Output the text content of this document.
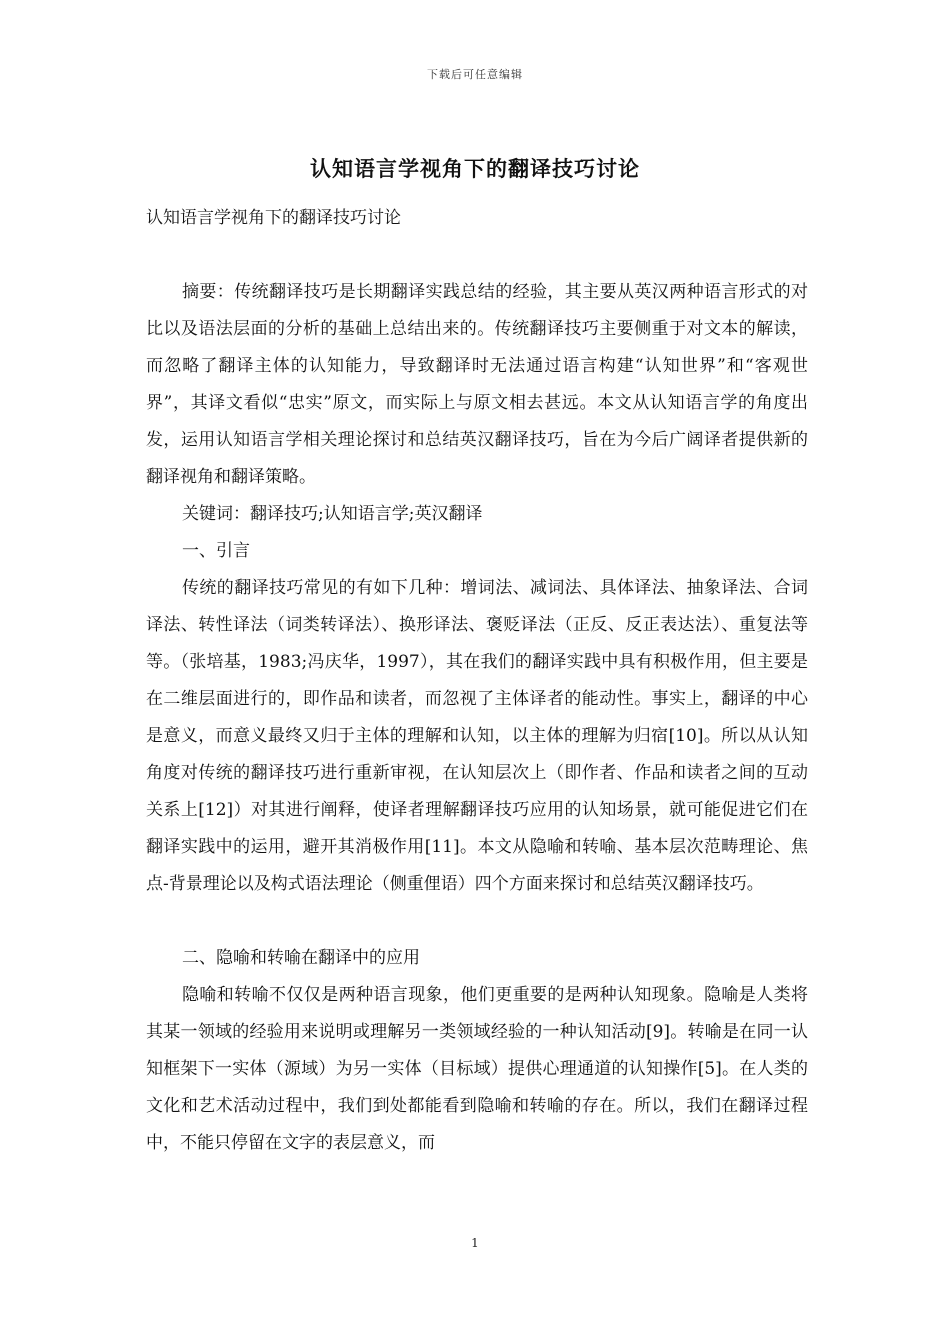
下载后可任意编辑
认知语言学视角下的翻译技巧讨论

认知语言学视角下的翻译技巧讨论

摘要：传统翻译技巧是长期翻译实践总结的经验，其主要从英汉两种语言形式的对比以及语法层面的分析的基础上总结出来的。传统翻译技巧主要侧重于对文本的解读，而忽略了翻译主体的认知能力，导致翻译时无法通过语言构建“认知世界”和“客观世界”，其译文看似“忠实”原文，而实际上与原文相去甚远。本文从认知语言学的角度出发，运用认知语言学相关理论探讨和总结英汉翻译技巧，旨在为今后广阔译者提供新的翻译视角和翻译策略。

关键词：翻译技巧;认知语言学;英汉翻译

一、引言

传统的翻译技巧常见的有如下几种：增词法、减词法、具体译法、抽象译法、合词译法、转性译法（词类转译法）、换形译法、褒贬译法（正反、反正表达法）、重复法等等。（张培基，1983;冯庆华，1997），其在我们的翻译实践中具有积极作用，但主要是在二维层面进行的，即作品和读者，而忽视了主体译者的能动性。事实上，翻译的中心是意义，而意义最终又归于主体的理解和认知，以主体的理解为归宿[10]。所以从认知角度对传统的翻译技巧进行重新审视，在认知层次上（即作者、作品和读者之间的互动关系上[12]）对其进行阐释，使译者理解翻译技巧应用的认知场景，就可能促进它们在翻译实践中的运用，避开其消极作用[11]。本文从隐喻和转喻、基本层次范畴理论、焦点-背景理论以及构式语法理论（侧重俚语）四个方面来探讨和总结英汉翻译技巧。

二、隐喻和转喻在翻译中的应用

隐喻和转喻不仅仅是两种语言现象，他们更重要的是两种认知现象。隐喻是人类将其某一领域的经验用来说明或理解另一类领域经验的一种认知活动[9]。转喻是在同一认知框架下一实体（源域）为另一实体（目标域）提供心理通道的认知操作[5]。在人类的文化和艺术活动过程中，我们到处都能看到隐喻和转喻的存在。所以，我们在翻译过程中，不能只停留在文字的表层意义，而

1
